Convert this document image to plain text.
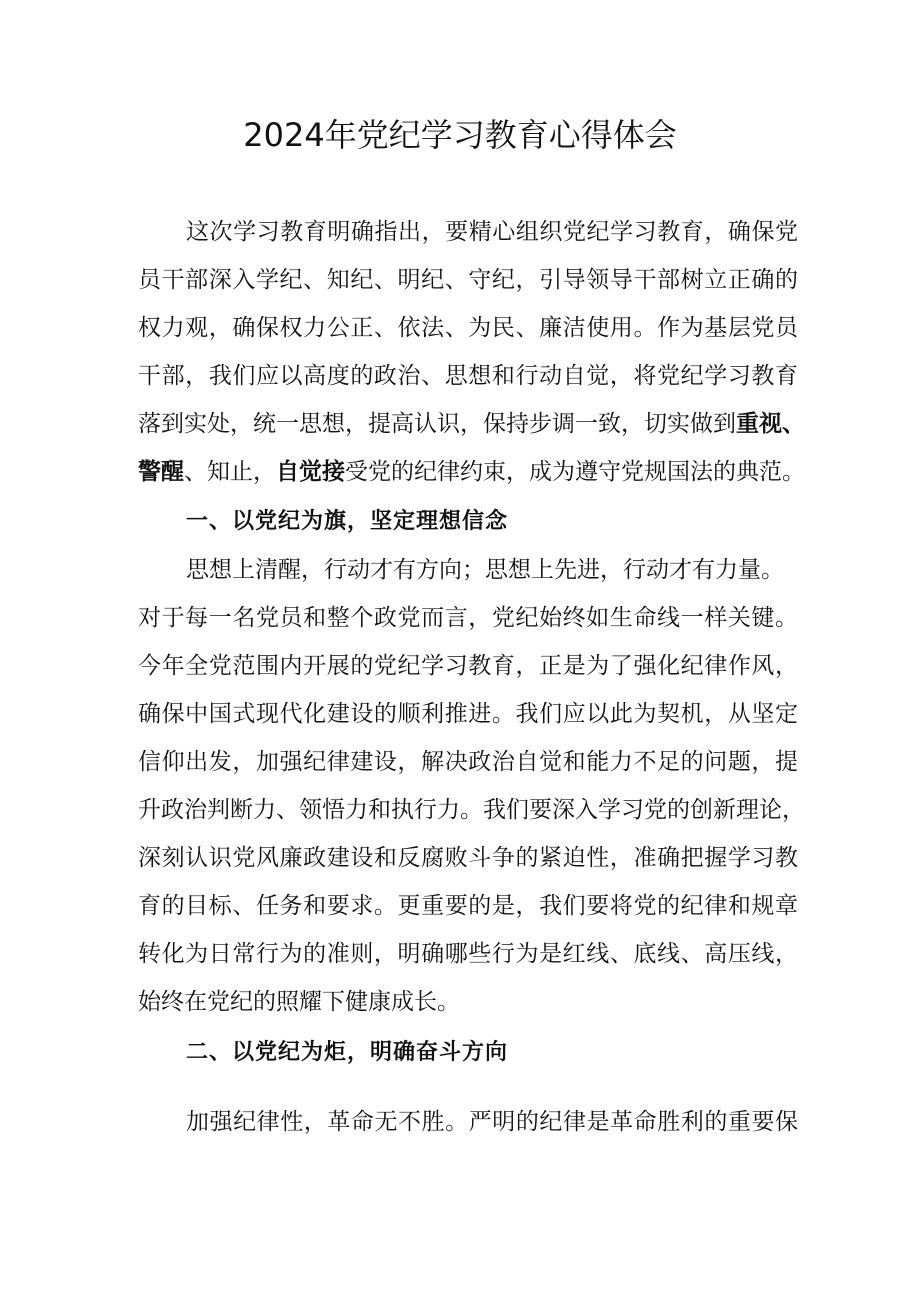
2024年党纪学习教育心得体会
这次学习教育明确指出，要精心组织党纪学习教育，确保党
员干部深入学纪、知纪、明纪、守纪，引导领导干部树立正确的
权力观，确保权力公正、依法、为民、廉洁使用。作为基层党员
干部，我们应以高度的政治、思想和行动自觉，将党纪学习教育
落到实处，统一思想，提高认识，保持步调一致，切实做到重视、
警醒、知止，自觉接受党的纪律约束，成为遵守党规国法的典范。
一、以党纪为旗，坚定理想信念
思想上清醒，行动才有方向；思想上先进，行动才有力量。
对于每一名党员和整个政党而言，党纪始终如生命线一样关键。
今年全党范围内开展的党纪学习教育，正是为了强化纪律作风，
确保中国式现代化建设的顺利推进。我们应以此为契机，从坚定
信仰出发，加强纪律建设，解决政治自觉和能力不足的问题，提
升政治判断力、领悟力和执行力。我们要深入学习党的创新理论，
深刻认识党风廉政建设和反腐败斗争的紧迫性，准确把握学习教
育的目标、任务和要求。更重要的是，我们要将党的纪律和规章
转化为日常行为的准则，明确哪些行为是红线、底线、高压线，
始终在党纪的照耀下健康成长。
二、以党纪为炬，明确奋斗方向
加强纪律性，革命无不胜。严明的纪律是革命胜利的重要保
